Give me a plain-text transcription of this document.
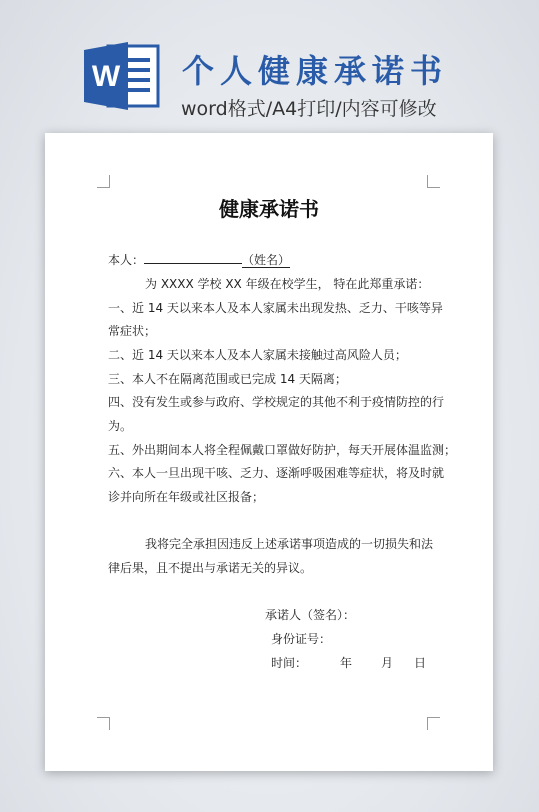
W 个人健康承诺书
word格式/A4打印/内容可修改
健康承诺书
本人：	（姓名）
为 XXXX 学校 XX 年级在校学生， 特在此郑重承诺：
一、近 14 天以来本人及本人家属未出现发热、乏力、干咳等异
常症状；
二、近 14 天以来本人及本人家属未接触过高风险人员；
三、本人不在隔离范围或已完成 14 天隔离；
四、没有发生或参与政府、学校规定的其他不利于疫情防控的行
为。
五、外出期间本人将全程佩戴口罩做好防护，每天开展体温监测；
六、本人一旦出现干咳、乏力、逐渐呼吸困难等症状，将及时就
诊并向所在年级或社区报备；
我将完全承担因违反上述承诺事项造成的一切损失和法
律后果，且不提出与承诺无关的异议。
承诺人（签名）：
身份证号：
时间：	年 月 日
